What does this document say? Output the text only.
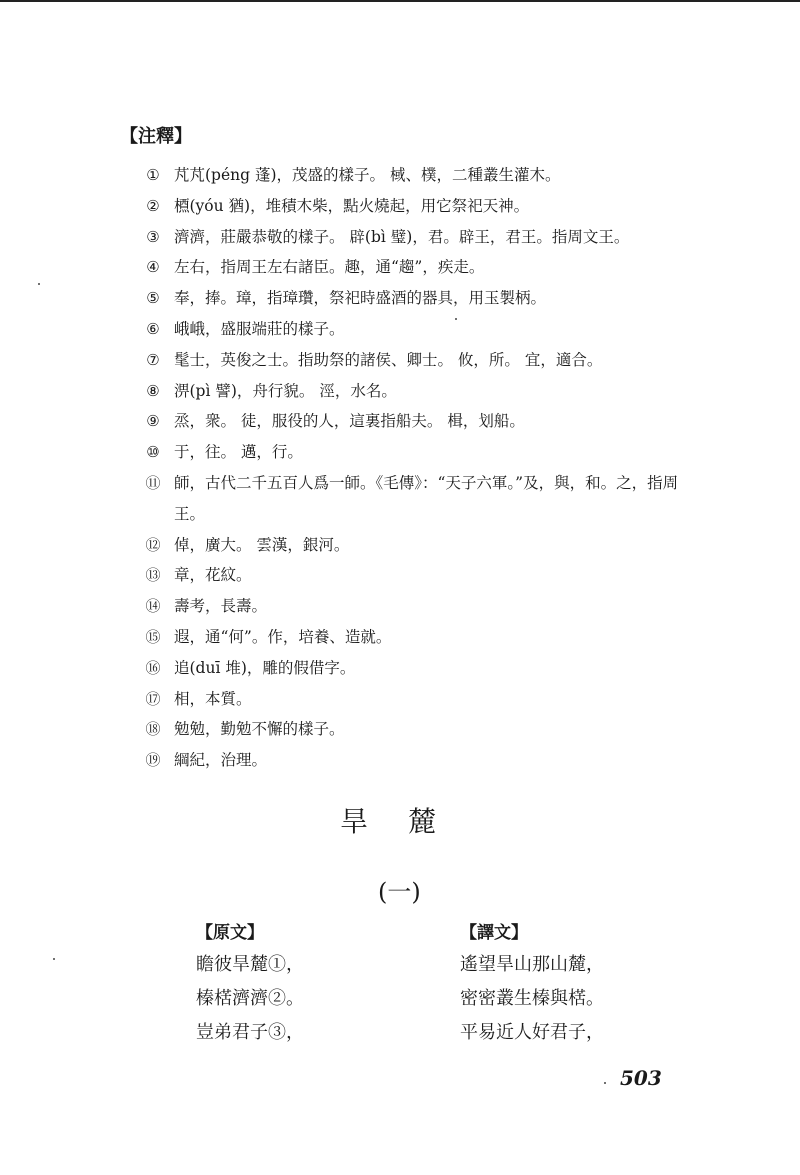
【注釋】
① 芃芃(péng 蓬)，茂盛的樣子。 棫、樸，二種叢生灌木。
② 槱(yóu 猶)，堆積木柴，點火燒起，用它祭祀天神。
③ 濟濟，莊嚴恭敬的樣子。 辟(bì 璧)，君。辟王，君王。指周文王。
④ 左右，指周王左右諸臣。趣，通“趨”，疾走。
⑤ 奉，捧。璋，指璋瓚，祭祀時盛酒的器具，用玉製柄。
⑥ 峨峨，盛服端莊的樣子。
⑦ 髦士，英俊之士。指助祭的諸侯、卿士。 攸，所。 宜，適合。
⑧ 淠(pì 譬)，舟行貌。 涇，水名。
⑨ 烝，衆。 徒，服役的人，這裏指船夫。 楫，划船。
⑩ 于，往。 邁，行。
⑪ 師，古代二千五百人爲一師。《毛傳》：“天子六軍。”及，與，和。之，指周王。
⑫ 倬，廣大。 雲漢，銀河。
⑬ 章，花紋。
⑭ 壽考，長壽。
⑮ 遐，通“何”。作，培養、造就。
⑯ 追(duī 堆)，雕的假借字。
⑰ 相，本質。
⑱ 勉勉，勤勉不懈的樣子。
⑲ 綱紀，治理。
旱麓
(一)
【原文】
瞻彼旱麓①，
榛楛濟濟②。
豈弟君子③，
【譯文】
遙望旱山那山麓，
密密叢生榛與楛。
平易近人好君子，
503
